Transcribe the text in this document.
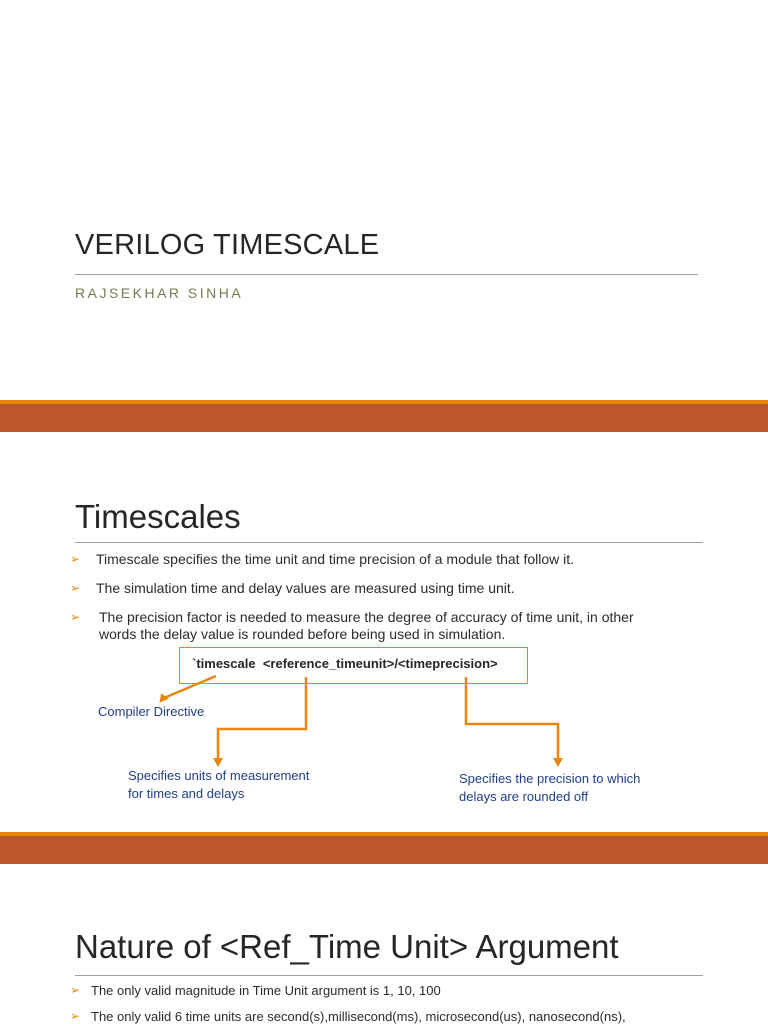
VERILOG TIMESCALE
RAJSEKHAR SINHA
Timescales
➢	Timescale specifies the time unit and time precision of a module that follow it.
➢	The simulation time and delay values are measured using time unit.
➢	The precision factor is needed to measure the degree of accuracy of time unit, in other
words the delay value is rounded before being used in simulation.
`timescale  <reference_timeunit>/<timeprecision>
Compiler Directive
Specifies units of measurement
for times and delays
Specifies the precision to which
delays are rounded off
Nature of <Ref_Time Unit> Argument
➢ The only valid magnitude in Time Unit argument is 1, 10, 100
➢ The only valid 6 time units are second(s),millisecond(ms), microsecond(us), nanosecond(ns),
